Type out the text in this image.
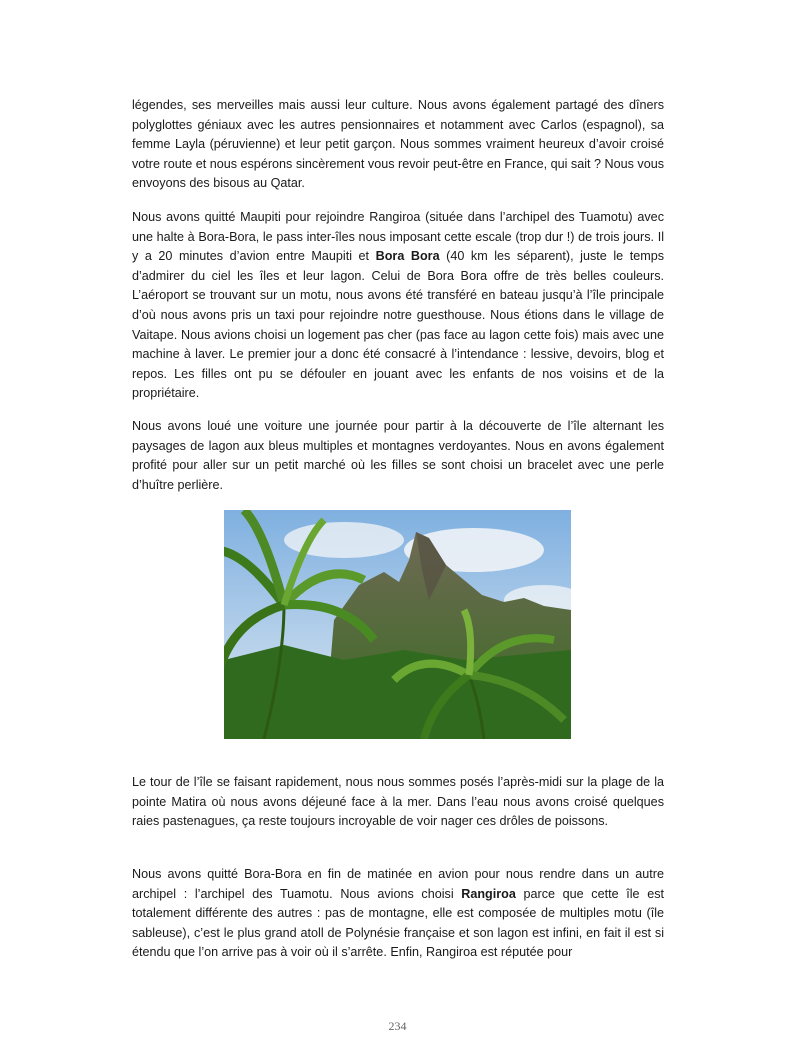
légendes, ses merveilles mais aussi leur culture. Nous avons également partagé des dîners polyglottes géniaux avec les autres pensionnaires et notamment avec Carlos (espagnol), sa femme Layla (péruvienne) et leur petit garçon. Nous sommes vraiment heureux d’avoir croisé votre route et nous espérons sincèrement vous revoir peut-être en France, qui sait ? Nous vous envoyons des bisous au Qatar.

Nous avons quitté Maupiti pour rejoindre Rangiroa (située dans l’archipel des Tuamotu) avec une halte à Bora-Bora, le pass inter-îles nous imposant cette escale (trop dur !) de trois jours. Il y a 20 minutes d’avion entre Maupiti et Bora Bora (40 km les séparent), juste le temps d’admirer du ciel les îles et leur lagon. Celui de Bora Bora offre de très belles couleurs. L’aéroport se trouvant sur un motu, nous avons été transféré en bateau jusqu’à l’île principale d’où nous avons pris un taxi pour rejoindre notre guesthouse. Nous étions dans le village de Vaitape. Nous avions choisi un logement pas cher (pas face au lagon cette fois) mais avec une machine à laver. Le premier jour a donc été consacré à l’intendance : lessive, devoirs, blog et repos. Les filles ont pu se défouler en jouant avec les enfants de nos voisins et de la propriétaire.

Nous avons loué une voiture une journée pour partir à la découverte de l’île alternant les paysages de lagon aux bleus multiples et montagnes verdoyantes. Nous en avons également profité pour aller sur un petit marché où les filles se sont choisi un bracelet avec une perle d’huître perlière.

Le tour de l’île se faisant rapidement, nous nous sommes posés l’après-midi sur la plage de la pointe Matira où nous avons déjeuné face à la mer. Dans l’eau nous avons croisé quelques raies pastenagues, ça reste toujours incroyable de voir nager ces drôles de poissons.

Nous avons quitté Bora-Bora en fin de matinée en avion pour nous rendre dans un autre archipel : l’archipel des Tuamotu. Nous avions choisi Rangiroa parce que cette île est totalement différente des autres : pas de montagne, elle est composée de multiples motu (île sableuse), c’est le plus grand atoll de Polynésie française et son lagon est infini, en fait il est si étendu que l’on arrive pas à voir où il s’arrête. Enfin, Rangiroa est réputée pour

234
